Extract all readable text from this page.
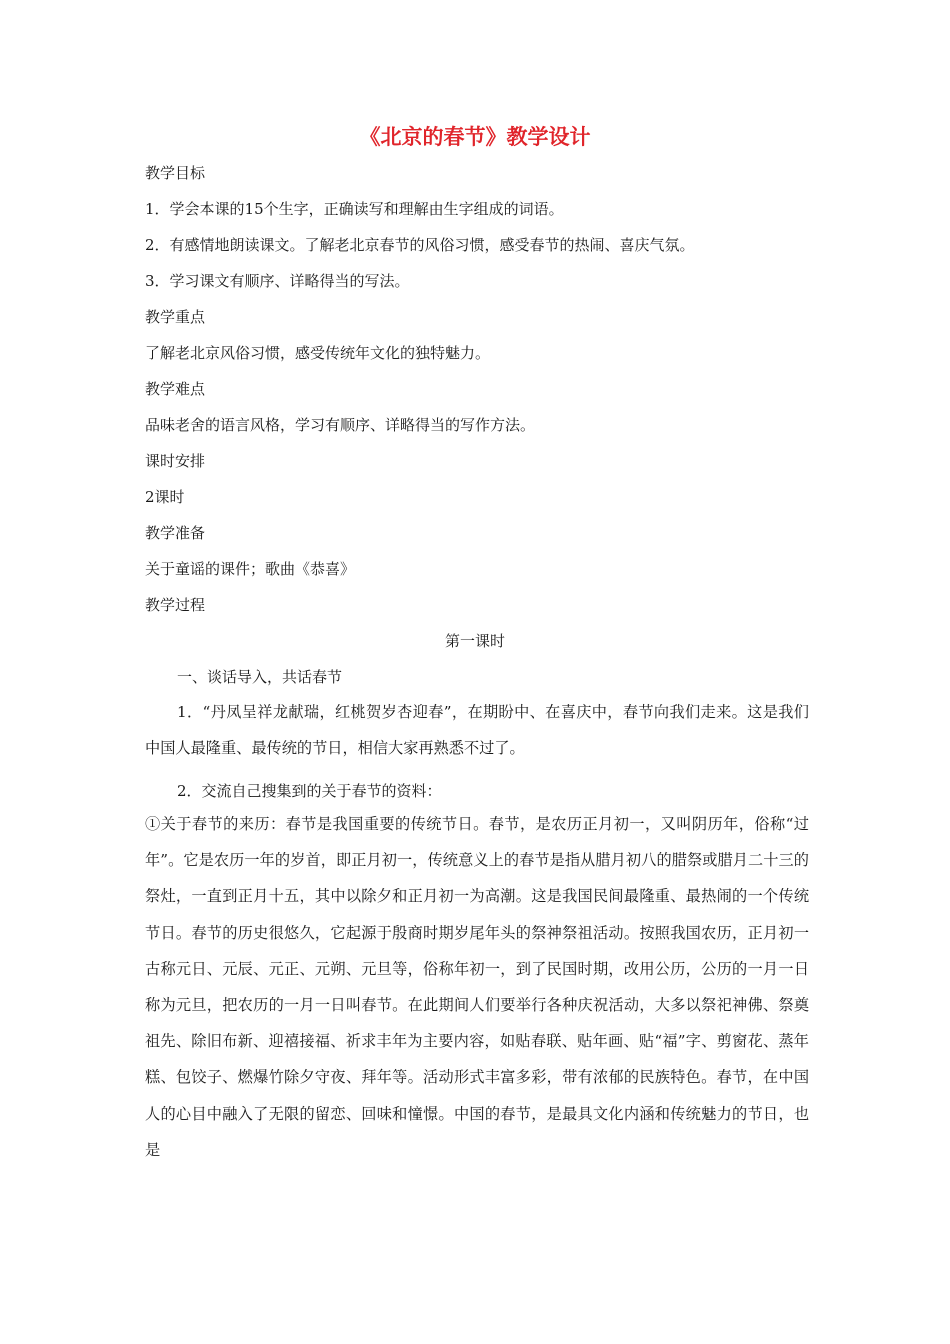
《北京的春节》教学设计

教学目标

1．学会本课的15个生字，正确读写和理解由生字组成的词语。

2．有感情地朗读课文。了解老北京春节的风俗习惯，感受春节的热闹、喜庆气氛。

3．学习课文有顺序、详略得当的写法。

教学重点

了解老北京风俗习惯，感受传统年文化的独特魅力。

教学难点

品味老舍的语言风格，学习有顺序、详略得当的写作方法。

课时安排

2课时

教学准备

关于童谣的课件；歌曲《恭喜》

教学过程

第一课时

一、谈话导入，共话春节

1．“丹凤呈祥龙献瑞，红桃贺岁杏迎春”，在期盼中、在喜庆中，春节向我们走来。这是我们中国人最隆重、最传统的节日，相信大家再熟悉不过了。

2．交流自己搜集到的关于春节的资料：

①关于春节的来历：春节是我国重要的传统节日。春节，是农历正月初一，又叫阴历年，俗称“过年”。它是农历一年的岁首，即正月初一，传统意义上的春节是指从腊月初八的腊祭或腊月二十三的祭灶，一直到正月十五，其中以除夕和正月初一为高潮。这是我国民间最隆重、最热闹的一个传统节日。春节的历史很悠久，它起源于殷商时期岁尾年头的祭神祭祖活动。按照我国农历，正月初一古称元日、元辰、元正、元朔、元旦等，俗称年初一，到了民国时期，改用公历，公历的一月一日称为元旦，把农历的一月一日叫春节。在此期间人们要举行各种庆祝活动，大多以祭祀神佛、祭奠祖先、除旧布新、迎禧接福、祈求丰年为主要内容，如贴春联、贴年画、贴“福”字、剪窗花、蒸年糕、包饺子、燃爆竹除夕守夜、拜年等。活动形式丰富多彩，带有浓郁的民族特色。春节，在中国人的心目中融入了无限的留恋、回味和憧憬。中国的春节，是最具文化内涵和传统魅力的节日，也是
